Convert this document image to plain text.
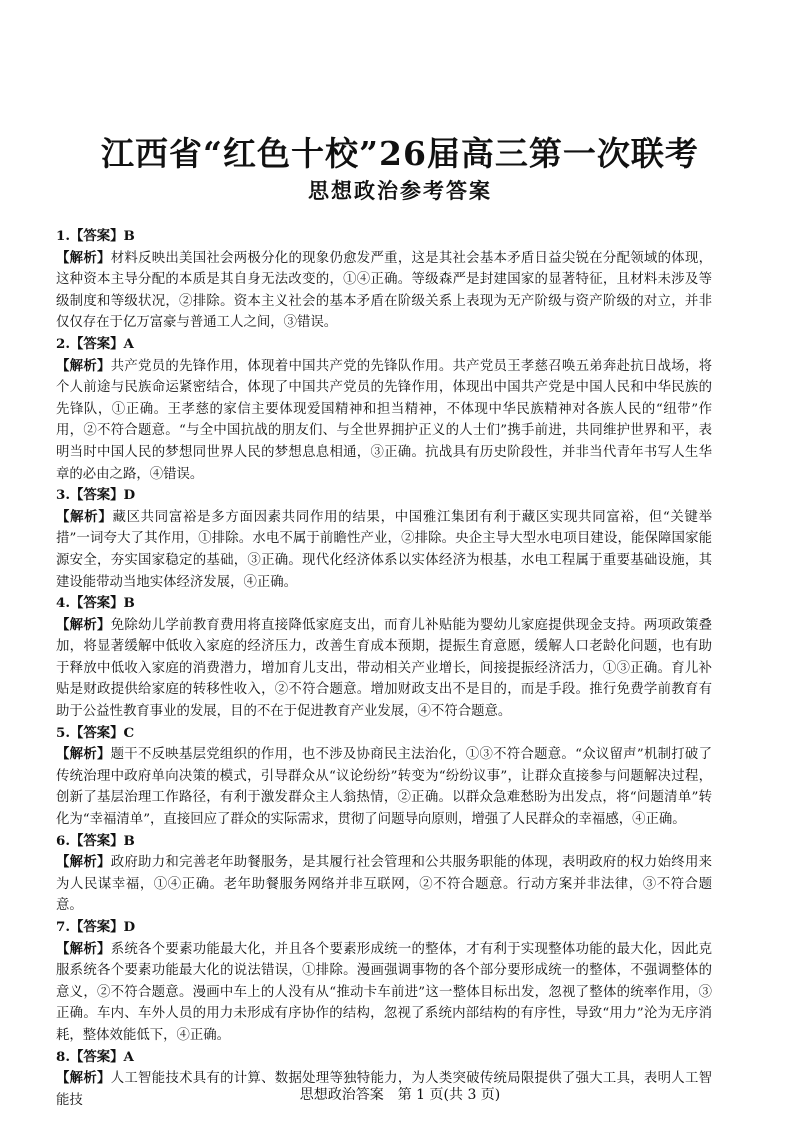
江西省“红色十校”26届高三第一次联考
思想政治参考答案
1.【答案】B

【解析】材料反映出美国社会两极分化的现象仍愈发严重，这是其社会基本矛盾日益尖锐在分配领域的体现，这种资本主导分配的本质是其自身无法改变的，①④正确。等级森严是封建国家的显著特征，且材料未涉及等级制度和等级状况，②排除。资本主义社会的基本矛盾在阶级关系上表现为无产阶级与资产阶级的对立，并非仅仅存在于亿万富豪与普通工人之间，③错误。

2.【答案】A

【解析】共产党员的先锋作用，体现着中国共产党的先锋队作用。共产党员王孝慈召唤五弟奔赴抗日战场，将个人前途与民族命运紧密结合，体现了中国共产党员的先锋作用，体现出中国共产党是中国人民和中华民族的先锋队，①正确。王孝慈的家信主要体现爱国精神和担当精神，不体现中华民族精神对各族人民的“纽带”作用，②不符合题意。“与全中国抗战的朋友们、与全世界拥护正义的人士们”携手前进，共同维护世界和平，表明当时中国人民的梦想同世界人民的梦想息息相通，③正确。抗战具有历史阶段性，并非当代青年书写人生华章的必由之路，④错误。

3.【答案】D

【解析】藏区共同富裕是多方面因素共同作用的结果，中国雅江集团有利于藏区实现共同富裕，但“关键举措”一词夸大了其作用，①排除。水电不属于前瞻性产业，②排除。央企主导大型水电项目建设，能保障国家能源安全，夯实国家稳定的基础，③正确。现代化经济体系以实体经济为根基，水电工程属于重要基础设施，其建设能带动当地实体经济发展，④正确。

4.【答案】B

【解析】免除幼儿学前教育费用将直接降低家庭支出，而育儿补贴能为婴幼儿家庭提供现金支持。两项政策叠加，将显著缓解中低收入家庭的经济压力，改善生育成本预期，提振生育意愿，缓解人口老龄化问题，也有助于释放中低收入家庭的消费潜力，增加育儿支出，带动相关产业增长，间接提振经济活力，①③正确。育儿补贴是财政提供给家庭的转移性收入，②不符合题意。增加财政支出不是目的，而是手段。推行免费学前教育有助于公益性教育事业的发展，目的不在于促进教育产业发展，④不符合题意。

5.【答案】C

【解析】题干不反映基层党组织的作用，也不涉及协商民主法治化，①③不符合题意。“众议留声”机制打破了传统治理中政府单向决策的模式，引导群众从“议论纷纷”转变为“纷纷议事”，让群众直接参与问题解决过程，创新了基层治理工作路径，有利于激发群众主人翁热情，②正确。以群众急难愁盼为出发点，将“问题清单”转化为“幸福清单”，直接回应了群众的实际需求，贯彻了问题导向原则，增强了人民群众的幸福感，④正确。

6.【答案】B

【解析】政府助力和完善老年助餐服务，是其履行社会管理和公共服务职能的体现，表明政府的权力始终用来为人民谋幸福，①④正确。老年助餐服务网络并非互联网，②不符合题意。行动方案并非法律，③不符合题意。

7.【答案】D

【解析】系统各个要素功能最大化，并且各个要素形成统一的整体，才有利于实现整体功能的最大化，因此克服系统各个要素功能最大化的说法错误，①排除。漫画强调事物的各个部分要形成统一的整体，不强调整体的意义，②不符合题意。漫画中车上的人没有从“推动卡车前进”这一整体目标出发，忽视了整体的统率作用，③正确。车内、车外人员的用力未形成有序协作的结构，忽视了系统内部结构的有序性，导致“用力”沦为无序消耗，整体效能低下，④正确。

8.【答案】A

【解析】人工智能技术具有的计算、数据处理等独特能力，为人类突破传统局限提供了强大工具，表明人工智能技	思想政治答案　第 1 页(共 3 页)
